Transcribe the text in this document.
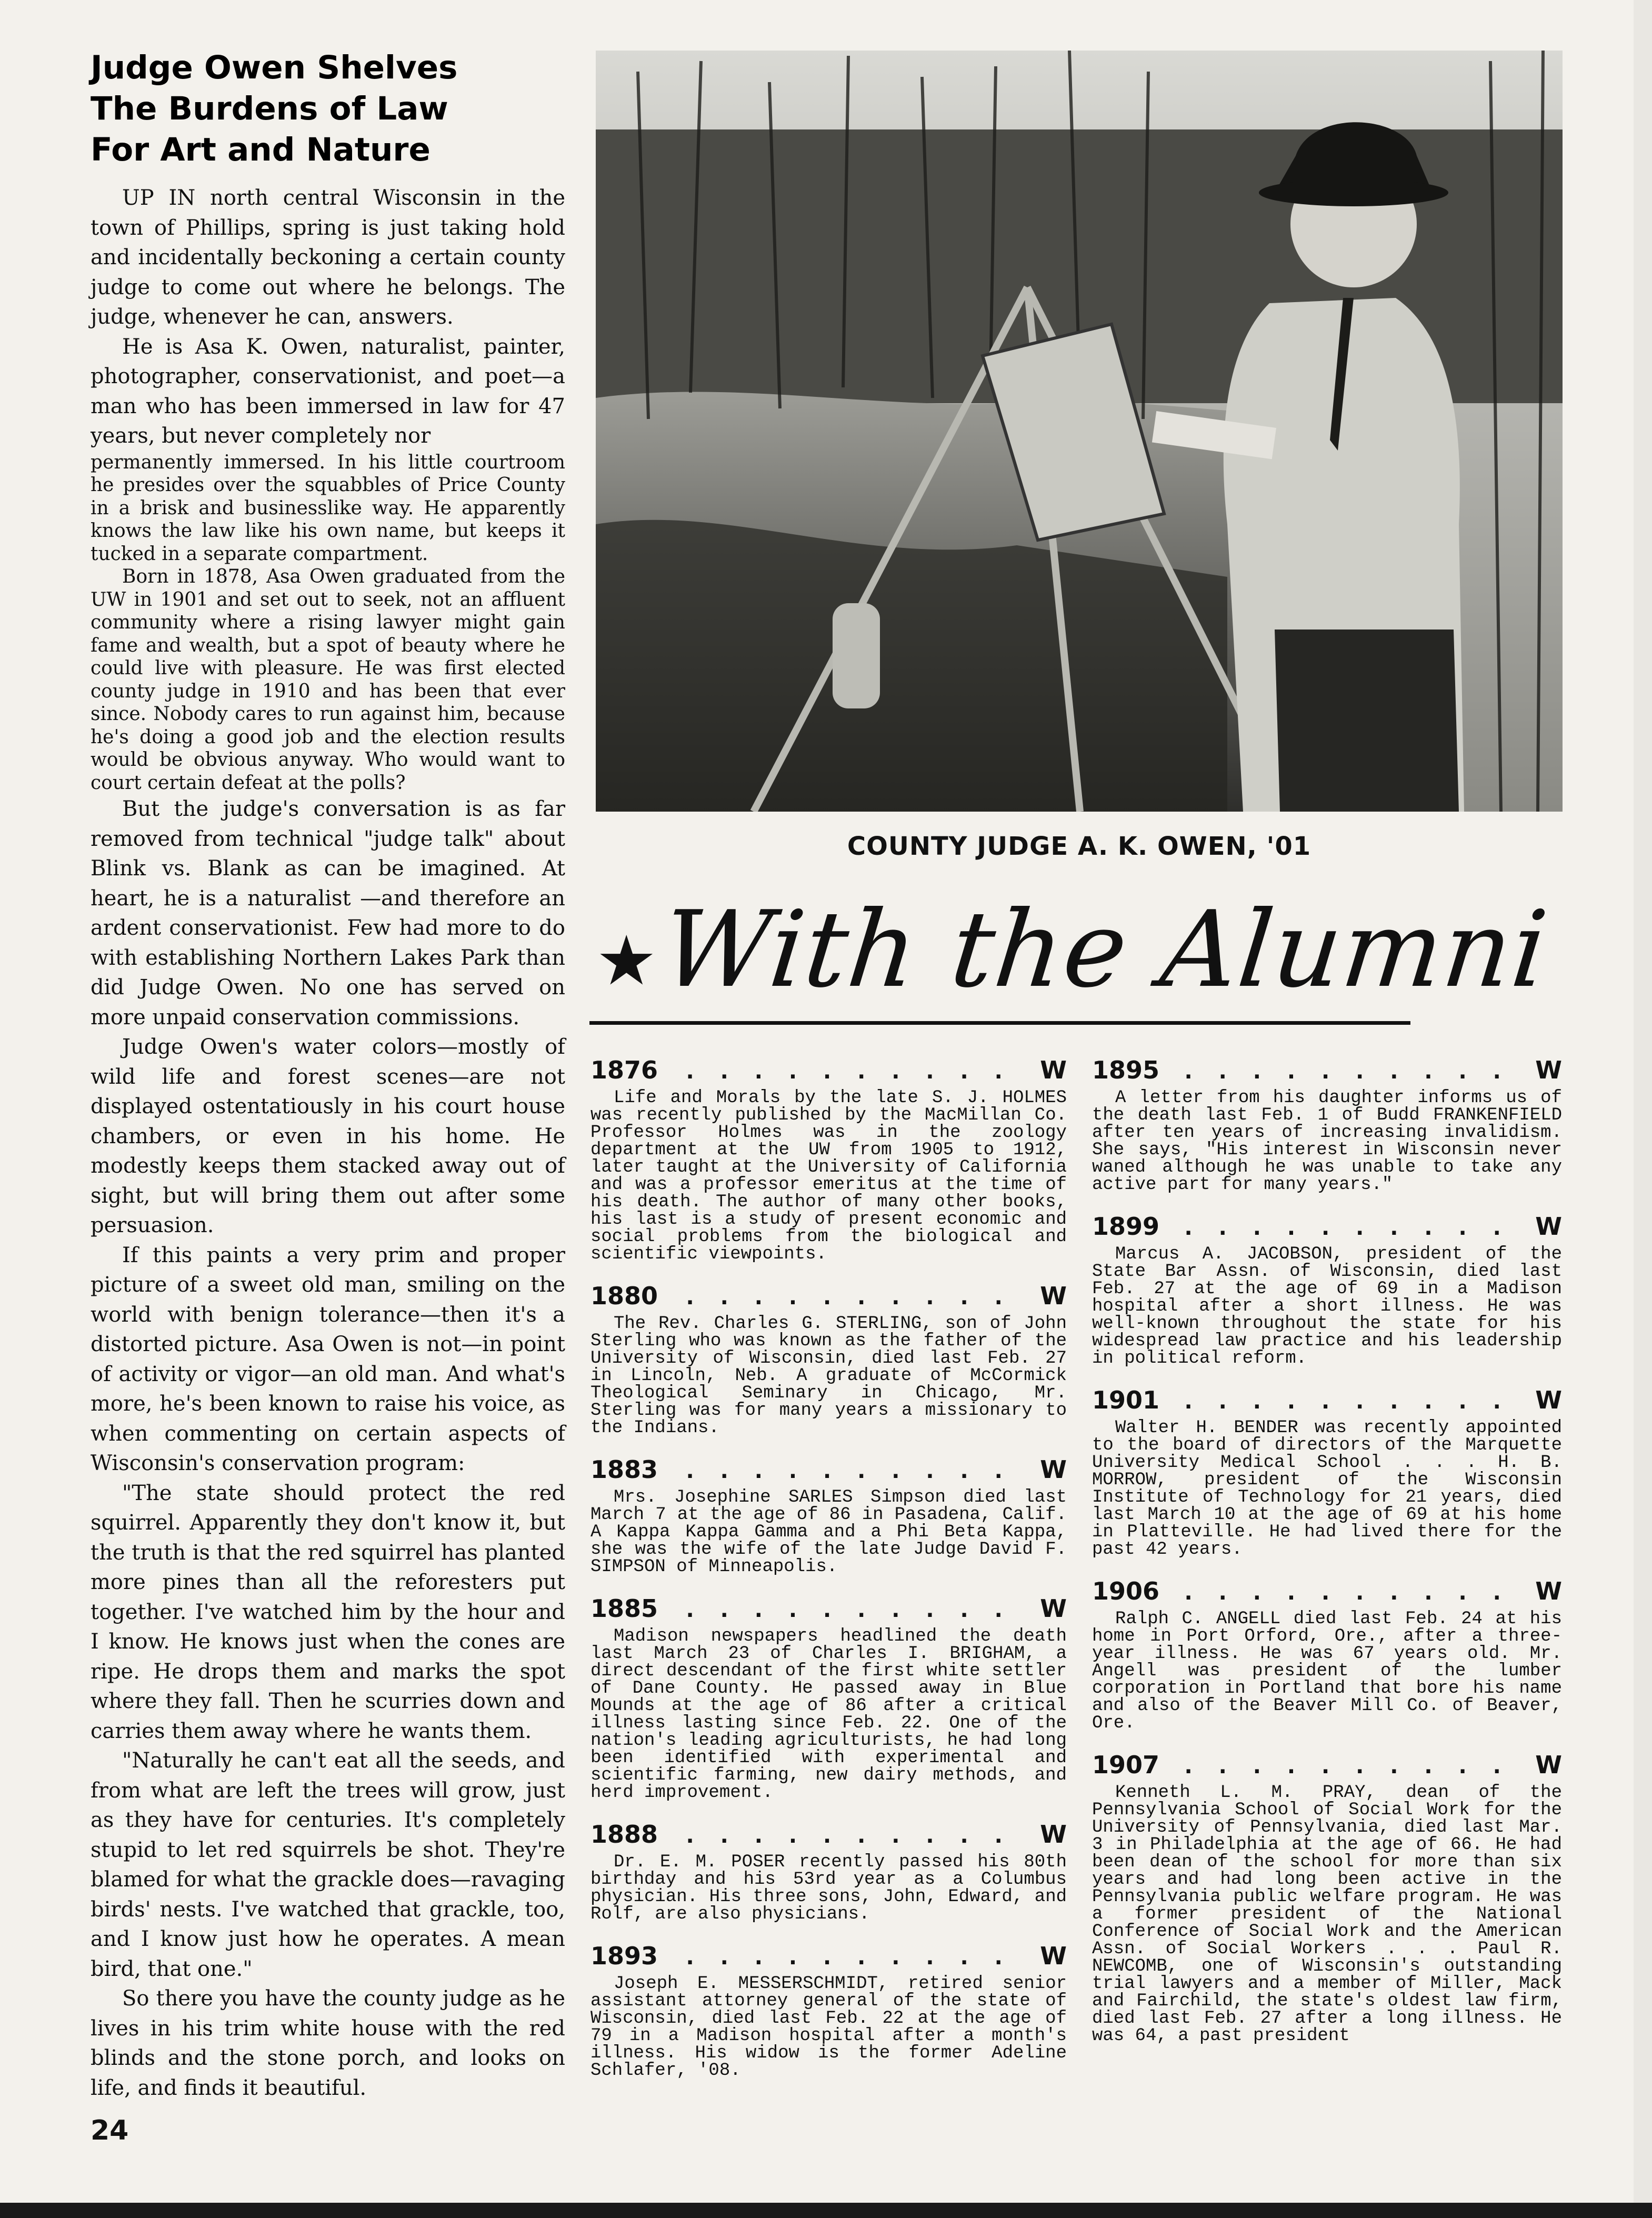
Judge Owen Shelves
The Burdens of Law
For Art and Nature

UP IN north central Wisconsin in the town of Phillips, spring is just taking hold and incidentally beckoning a certain county judge to come out where he belongs. The judge, whenever he can, answers.

He is Asa K. Owen, naturalist, painter, photographer, conservationist, and poet—a man who has been immersed in law for 47 years, but never completely nor

permanently immersed. In his little courtroom he presides over the squabbles of Price County in a brisk and businesslike way. He apparently knows the law like his own name, but keeps it tucked in a separate compartment.

Born in 1878, Asa Owen graduated from the UW in 1901 and set out to seek, not an affluent community where a rising lawyer might gain fame and wealth, but a spot of beauty where he could live with pleasure. He was first elected county judge in 1910 and has been that ever since. Nobody cares to run against him, because he's doing a good job and the election results would be obvious anyway. Who would want to court certain defeat at the polls?

But the judge's conversation is as far removed from technical "judge talk" about Blink vs. Blank as can be imagined. At heart, he is a naturalist —and therefore an ardent conservationist. Few had more to do with establishing Northern Lakes Park than did Judge Owen. No one has served on more unpaid conservation commissions.

Judge Owen's water colors—mostly of wild life and forest scenes—are not displayed ostentatiously in his court house chambers, or even in his home. He modestly keeps them stacked away out of sight, but will bring them out after some persuasion.

If this paints a very prim and proper picture of a sweet old man, smiling on the world with benign tolerance—then it's a distorted picture. Asa Owen is not—in point of activity or vigor—an old man. And what's more, he's been known to raise his voice, as when commenting on certain aspects of Wisconsin's conservation program:

"The state should protect the red squirrel. Apparently they don't know it, but the truth is that the red squirrel has planted more pines than all the reforesters put together. I've watched him by the hour and I know. He knows just when the cones are ripe. He drops them and marks the spot where they fall. Then he scurries down and carries them away where he wants them.

"Naturally he can't eat all the seeds, and from what are left the trees will grow, just as they have for centuries. It's completely stupid to let red squirrels be shot. They're blamed for what the grackle does—ravaging birds' nests. I've watched that grackle, too, and I know just how he operates. A mean bird, that one."

So there you have the county judge as he lives in his trim white house with the red blinds and the stone porch, and looks on life, and finds it beautiful.

COUNTY JUDGE A. K. OWEN, '01
★ With the Alumni
1876	. . . . . . . . . .	W

Life and Morals by the late S. J. HOLMES was recently published by the MacMillan Co. Professor Holmes was in the zoology department at the UW from 1905 to 1912, later taught at the University of California and was a professor emeritus at the time of his death. The author of many other books, his last is a study of present economic and social problems from the biological and scientific viewpoints.

1880	. . . . . . . . . .	W

The Rev. Charles G. STERLING, son of John Sterling who was known as the father of the University of Wisconsin, died last Feb. 27 in Lincoln, Neb. A graduate of McCormick Theological Seminary in Chicago, Mr. Sterling was for many years a missionary to the Indians.

1883	. . . . . . . . . .	W

Mrs. Josephine SARLES Simpson died last March 7 at the age of 86 in Pasadena, Calif. A Kappa Kappa Gamma and a Phi Beta Kappa, she was the wife of the late Judge David F. SIMPSON of Minneapolis.

1885	. . . . . . . . . .	W

Madison newspapers headlined the death last March 23 of Charles I. BRIGHAM, a direct descendant of the first white settler of Dane County. He passed away in Blue Mounds at the age of 86 after a critical illness lasting since Feb. 22. One of the nation's leading agriculturists, he had long been identified with experimental and scientific farming, new dairy methods, and herd improvement.

1888	. . . . . . . . . .	W

Dr. E. M. POSER recently passed his 80th birthday and his 53rd year as a Columbus physician. His three sons, John, Edward, and Rolf, are also physicians.

1893	. . . . . . . . . .	W

Joseph E. MESSERSCHMIDT, retired senior assistant attorney general of the state of Wisconsin, died last Feb. 22 at the age of 79 in a Madison hospital after a month's illness. His widow is the former Adeline Schlafer, '08.

1895	. . . . . . . . . .	W

A letter from his daughter informs us of the death last Feb. 1 of Budd FRANKENFIELD after ten years of increasing invalidism. She says, "His interest in Wisconsin never waned although he was unable to take any active part for many years."

1899	. . . . . . . . . .	W

Marcus A. JACOBSON, president of the State Bar Assn. of Wisconsin, died last Feb. 27 at the age of 69 in a Madison hospital after a short illness. He was well-known throughout the state for his widespread law practice and his leadership in political reform.

1901	. . . . . . . . . .	W

Walter H. BENDER was recently appointed to the board of directors of the Marquette University Medical School . . . H. B. MORROW, president of the Wisconsin Institute of Technology for 21 years, died last March 10 at the age of 69 at his home in Platteville. He had lived there for the past 42 years.

1906	. . . . . . . . . .	W

Ralph C. ANGELL died last Feb. 24 at his home in Port Orford, Ore., after a three-year illness. He was 67 years old. Mr. Angell was president of the lumber corporation in Portland that bore his name and also of the Beaver Mill Co. of Beaver, Ore.

1907	. . . . . . . . . .	W

Kenneth L. M. PRAY, dean of the Pennsylvania School of Social Work for the University of Pennsylvania, died last Mar. 3 in Philadelphia at the age of 66. He had been dean of the school for more than six years and had long been active in the Pennsylvania public welfare program. He was a former president of the National Conference of Social Work and the American Assn. of Social Workers . . . Paul R. NEWCOMB, one of Wisconsin's outstanding trial lawyers and a member of Miller, Mack and Fairchild, the state's oldest law firm, died last Feb. 27 after a long illness. He was 64, a past president

24
